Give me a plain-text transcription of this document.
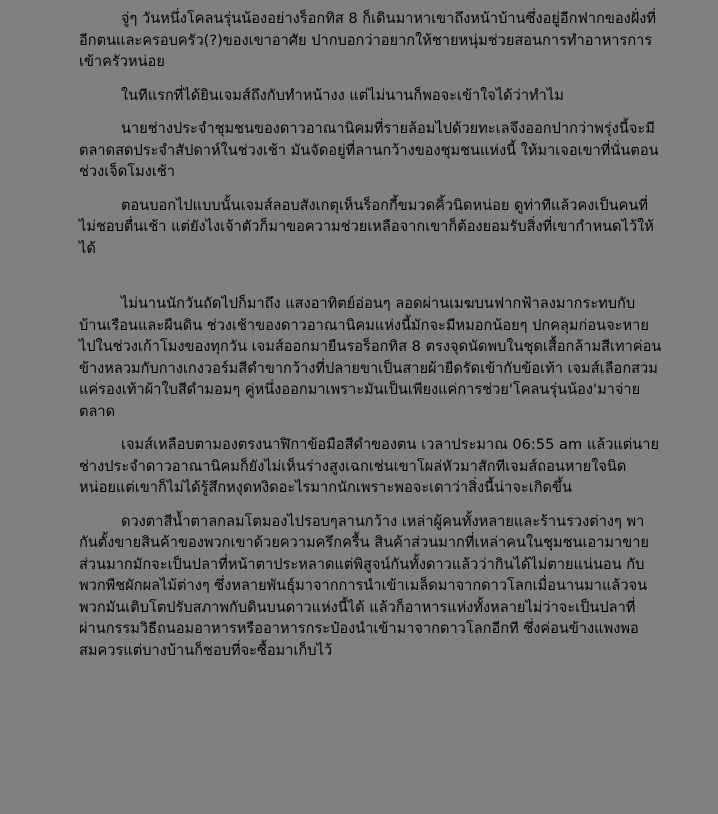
จู่ๆ วันหนึ่งโคลนรุ่นน้องอย่างร็อกทิส 8 ก็เดินมาหาเขาถึงหน้าบ้านซึ่งอยู่อีกฟากของฝั่งที่อีกตนและครอบครัว(?)ของเขาอาศัย ปากบอกว่าอยากให้ชายหนุ่มช่วยสอนการทำอาหารการเข้าครัวหน่อย

ในทีแรกที่ได้ยินเจมส์ถึงกับทำหน้างง แต่ไม่นานก็พอจะเข้าใจได้ว่าทำไม

นายช่างประจำชุมชนของดาวอาณานิคมที่รายล้อมไปด้วยทะเลจึงออกปากว่าพรุ่งนี้จะมีตลาดสดประจำสัปดาห์ในช่วงเช้า มันจัดอยู่ที่ลานกว้างของชุมชนแห่งนี้ ให้มาเจอเขาที่นั่นตอนช่วงเจ็ดโมงเช้า

ตอนบอกไปแบบนั้นเจมส์ลอบสังเกตุเห็นร็อกกี้ขมวดคิ้วนิดหน่อย ดูท่าทีแล้วคงเป็นคนที่ไม่ชอบตื่นเช้า แต่ยังไงเจ้าตัวก็มาขอความช่วยเหลือจากเขาก็ต้องยอมรับสิ่งที่เขากำหนดไว้ให้ได้

ไม่นานนักวันถัดไปก็มาถึง แสงอาทิตย์อ่อนๆ ลอดผ่านเมฆบนฟากฟ้าลงมากระทบกับบ้านเรือนและผืนดิน ช่วงเช้าของดาวอาณานิคมแห่งนี้มักจะมีหมอกน้อยๆ ปกคลุมก่อนจะหายไปในช่วงเก้าโมงของทุกวัน เจมส์ออกมายืนรอร็อกทิส 8 ตรงจุดนัดพบในชุดเสื้อกล้ามสีเทาค่อนข้างหลวมกับกางเกงวอร์มสีดำขากว้างที่ปลายขาเป็นสายผ้ายืดรัดเข้ากับข้อเท้า เจมส์เลือกสวมแค่รองเท้าผ้าใบสีดำมอมๆ คู่หนึ่งออกมาเพราะมันเป็นเพียงแค่การช่วย'โคลนรุ่นน้อง'มาจ่ายตลาด

เจมส์เหลือบตามองตรงนาฬิกาข้อมือสีดำของตน เวลาประมาณ 06:55 am แล้วแต่นายช่างประจำดาวอาณานิคมก็ยังไม่เห็นร่างสูงเฉกเช่นเขาโผล่หัวมาสักทีเจมส์ถอนหายใจนิดหน่อยแต่เขาก็ไม่ได้รู้สึกหงุดหงิดอะไรมากนักเพราะพอจะเดาว่าสิ่งนี้น่าจะเกิดขึ้น

ดวงตาสีน้ำตาลกลมโตมองไปรอบๆลานกว้าง เหล่าผู้คนทั้งหลายและร้านรวงต่างๆ พากันตั้งขายสินค้าของพวกเขาด้วยความครึกครื้น สินค้าส่วนมากที่เหล่าคนในชุมชนเอามาขายส่วนมากมักจะเป็นปลาที่หน้าตาประหลาดแต่พิสูจน์กันทั้งดาวแล้วว่ากินได้ไม่ตายแน่นอน กับพวกพืชผักผลไม้ต่างๆ ซึ่งหลายพันธุ์มาจากการนำเข้าเมล็ดมาจากดาวโลกเมื่อนานมาแล้วจนพวกมันเติบโตปรับสภาพกับดินบนดาวแห่งนี้ได้ แล้วก็อาหารแห่งทั้งหลายไม่ว่าจะเป็นปลาที่ผ่านกรรมวิธีถนอมอาหารหรืออาหารกระป๋องนำเข้ามาจากดาวโลกอีกที ซึ่งค่อนข้างแพงพอสมควรแต่บางบ้านก็ชอบที่จะซื้อมาเก็บไว้
